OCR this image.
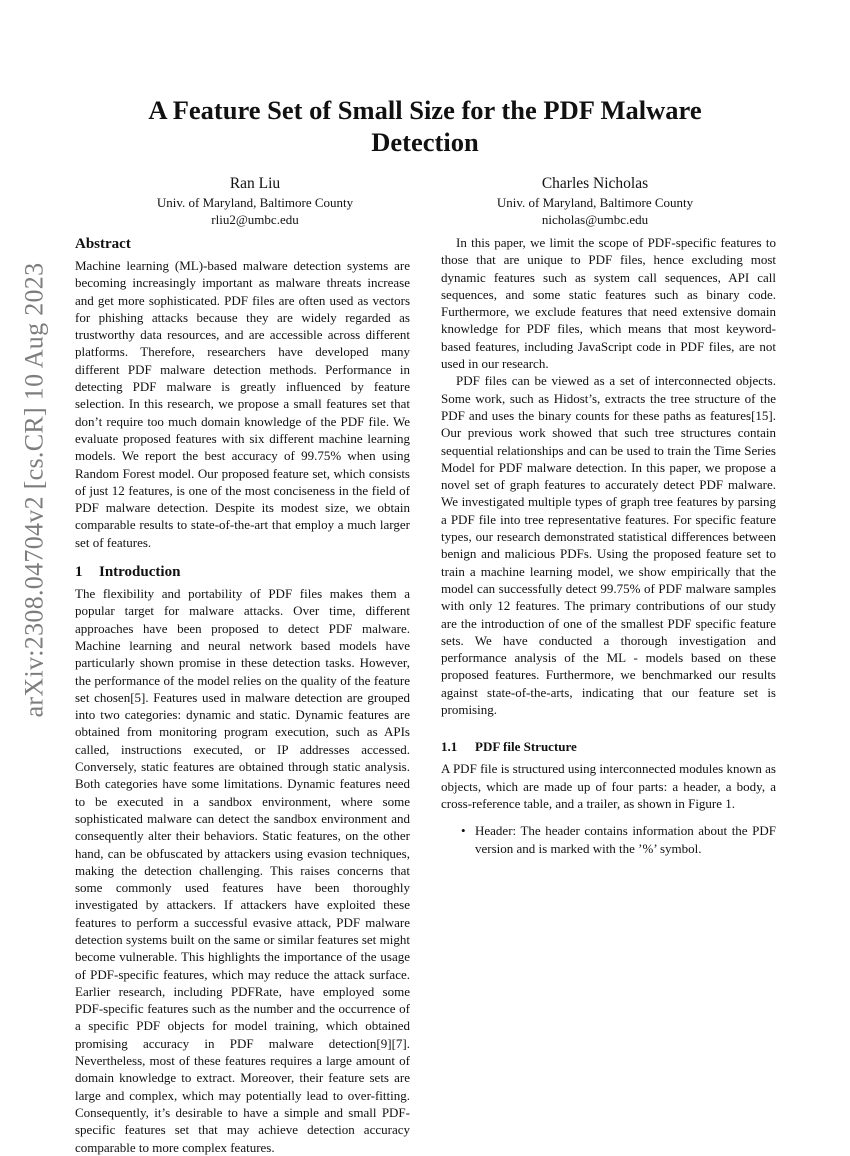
arXiv:2308.04704v2 [cs.CR] 10 Aug 2023
A Feature Set of Small Size for the PDF Malware
Detection
Ran Liu
Univ. of Maryland, Baltimore County
rliu2@umbc.edu
Charles Nicholas
Univ. of Maryland, Baltimore County
nicholas@umbc.edu
Abstract

Machine learning (ML)-based malware detection systems are becoming increasingly important as malware threats increase and get more sophisticated. PDF files are often used as vectors for phishing attacks because they are widely regarded as trustworthy data resources, and are accessible across different platforms. Therefore, researchers have developed many different PDF malware detection methods. Performance in detecting PDF malware is greatly influenced by feature selection. In this research, we propose a small features set that don’t require too much domain knowledge of the PDF file. We evaluate proposed features with six different machine learning models. We report the best accuracy of 99.75% when using Random Forest model. Our proposed feature set, which consists of just 12 features, is one of the most conciseness in the field of PDF malware detection. Despite its modest size, we obtain comparable results to state-of-the-art that employ a much larger set of features.

1 Introduction

The flexibility and portability of PDF files makes them a popular target for malware attacks. Over time, different approaches have been proposed to detect PDF malware. Machine learning and neural network based models have particularly shown promise in these detection tasks. However, the performance of the model relies on the quality of the feature set chosen[5]. Features used in malware detection are grouped into two categories: dynamic and static. Dynamic features are obtained from monitoring program execution, such as APIs called, instructions executed, or IP addresses accessed. Conversely, static features are obtained through static analysis. Both categories have some limitations. Dynamic features need to be executed in a sandbox environment, where some sophisticated malware can detect the sandbox environment and consequently alter their behaviors. Static features, on the other hand, can be obfuscated by attackers using evasion techniques, making the detection challenging. This raises concerns that some commonly used features have been thoroughly investigated by attackers. If attackers have exploited these features to perform a successful evasive attack, PDF malware detection systems built on the same or similar features set might become vulnerable. This highlights the importance of the usage of PDF-specific features, which may reduce the attack surface. Earlier research, including PDFRate, have employed some PDF-specific features such as the number and the occurrence of a specific PDF objects for model training, which obtained promising accuracy in PDF malware detection[9][7]. Nevertheless, most of these features requires a large amount of domain knowledge to extract. Moreover, their feature sets are large and complex, which may potentially lead to over-fitting. Consequently, it’s desirable to have a simple and small PDF-specific features set that may achieve detection accuracy comparable to more complex features.

In this paper, we limit the scope of PDF-specific features to those that are unique to PDF files, hence excluding most dynamic features such as system call sequences, API call sequences, and some static features such as binary code. Furthermore, we exclude features that need extensive domain knowledge for PDF files, which means that most keyword-based features, including JavaScript code in PDF files, are not used in our research.

PDF files can be viewed as a set of interconnected objects. Some work, such as Hidost’s, extracts the tree structure of the PDF and uses the binary counts for these paths as features[15]. Our previous work showed that such tree structures contain sequential relationships and can be used to train the Time Series Model for PDF malware detection. In this paper, we propose a novel set of graph features to accurately detect PDF malware. We investigated multiple types of graph tree features by parsing a PDF file into tree representative features. For specific feature types, our research demonstrated statistical differences between benign and malicious PDFs. Using the proposed feature set to train a machine learning model, we show empirically that the model can successfully detect 99.75% of PDF malware samples with only 12 features. The primary contributions of our study are the introduction of one of the smallest PDF specific feature sets. We have conducted a thorough investigation and performance analysis of the ML - models based on these proposed features. Furthermore, we benchmarked our results against state-of-the-arts, indicating that our feature set is promising.

1.1 PDF file Structure

A PDF file is structured using interconnected modules known as objects, which are made up of four parts: a header, a body, a cross-reference table, and a trailer, as shown in Figure 1.

• Header: The header contains information about the PDF version and is marked with the ’%’ symbol.
